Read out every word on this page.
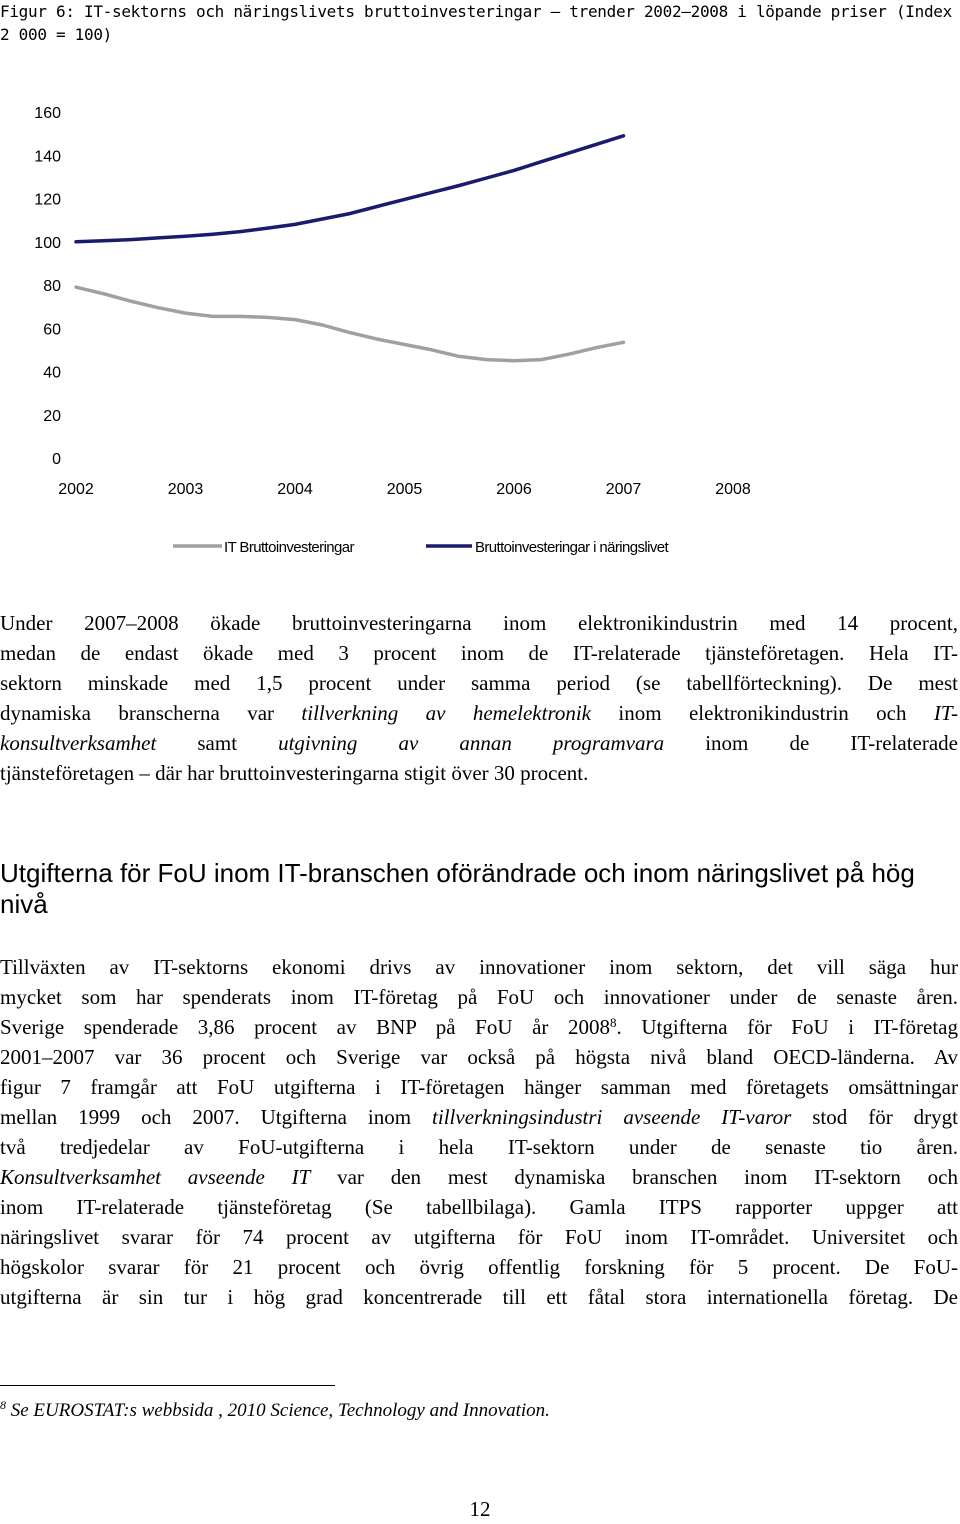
Figur 6: IT-sektorns och näringslivets bruttoinvesteringar – trender 2002–2008 i löpande priser (Index 2 000 = 100)
0
20
40
60
80
100
120
140
160
2002	2003	2004	2005	2006	2007	2008
IT Bruttoinvesteringar	Bruttoinvesteringar i näringslivet
Under 2007–2008 ökade bruttoinvesteringarna inom elektronikindustrin med 14 procent,
medan de endast ökade med 3 procent inom de IT-relaterade tjänsteföretagen. Hela IT-
sektorn minskade med 1,5 procent under samma period (se tabellförteckning). De mest
dynamiska branscherna var tillverkning av hemelektronik inom elektronikindustrin och IT-
konsultverksamhet samt utgivning av annan programvara inom de IT-relaterade
tjänsteföretagen – där har bruttoinvesteringarna stigit över 30 procent.
Utgifterna för FoU inom IT-branschen oförändrade och inom näringslivet på hög nivå
Tillväxten av IT-sektorns ekonomi drivs av innovationer inom sektorn, det vill säga hur
mycket som har spenderats inom IT-företag på FoU och innovationer under de senaste åren.
Sverige spenderade 3,86 procent av BNP på FoU år 2008$^8$. Utgifterna för FoU i IT-företag
2001–2007 var 36 procent och Sverige var också på högsta nivå bland OECD-länderna. Av
figur 7 framgår att FoU utgifterna i IT-företagen hänger samman med företagets omsättningar
mellan 1999 och 2007. Utgifterna inom tillverkningsindustri avseende IT-varor stod för drygt
två tredjedelar av FoU-utgifterna i hela IT-sektorn under de senaste tio åren.
Konsultverksamhet avseende IT var den mest dynamiska branschen inom IT-sektorn och
inom IT-relaterade tjänsteföretag (Se tabellbilaga). Gamla ITPS rapporter uppger att
näringslivet svarar för 74 procent av utgifterna för FoU inom IT-området. Universitet och
högskolor svarar för 21 procent och övrig offentlig forskning för 5 procent. De FoU-
utgifterna är sin tur i hög grad koncentrerade till ett fåtal stora internationella företag. De
$^8$ Se EUROSTAT:s webbsida , 2010 Science, Technology and Innovation.
12
